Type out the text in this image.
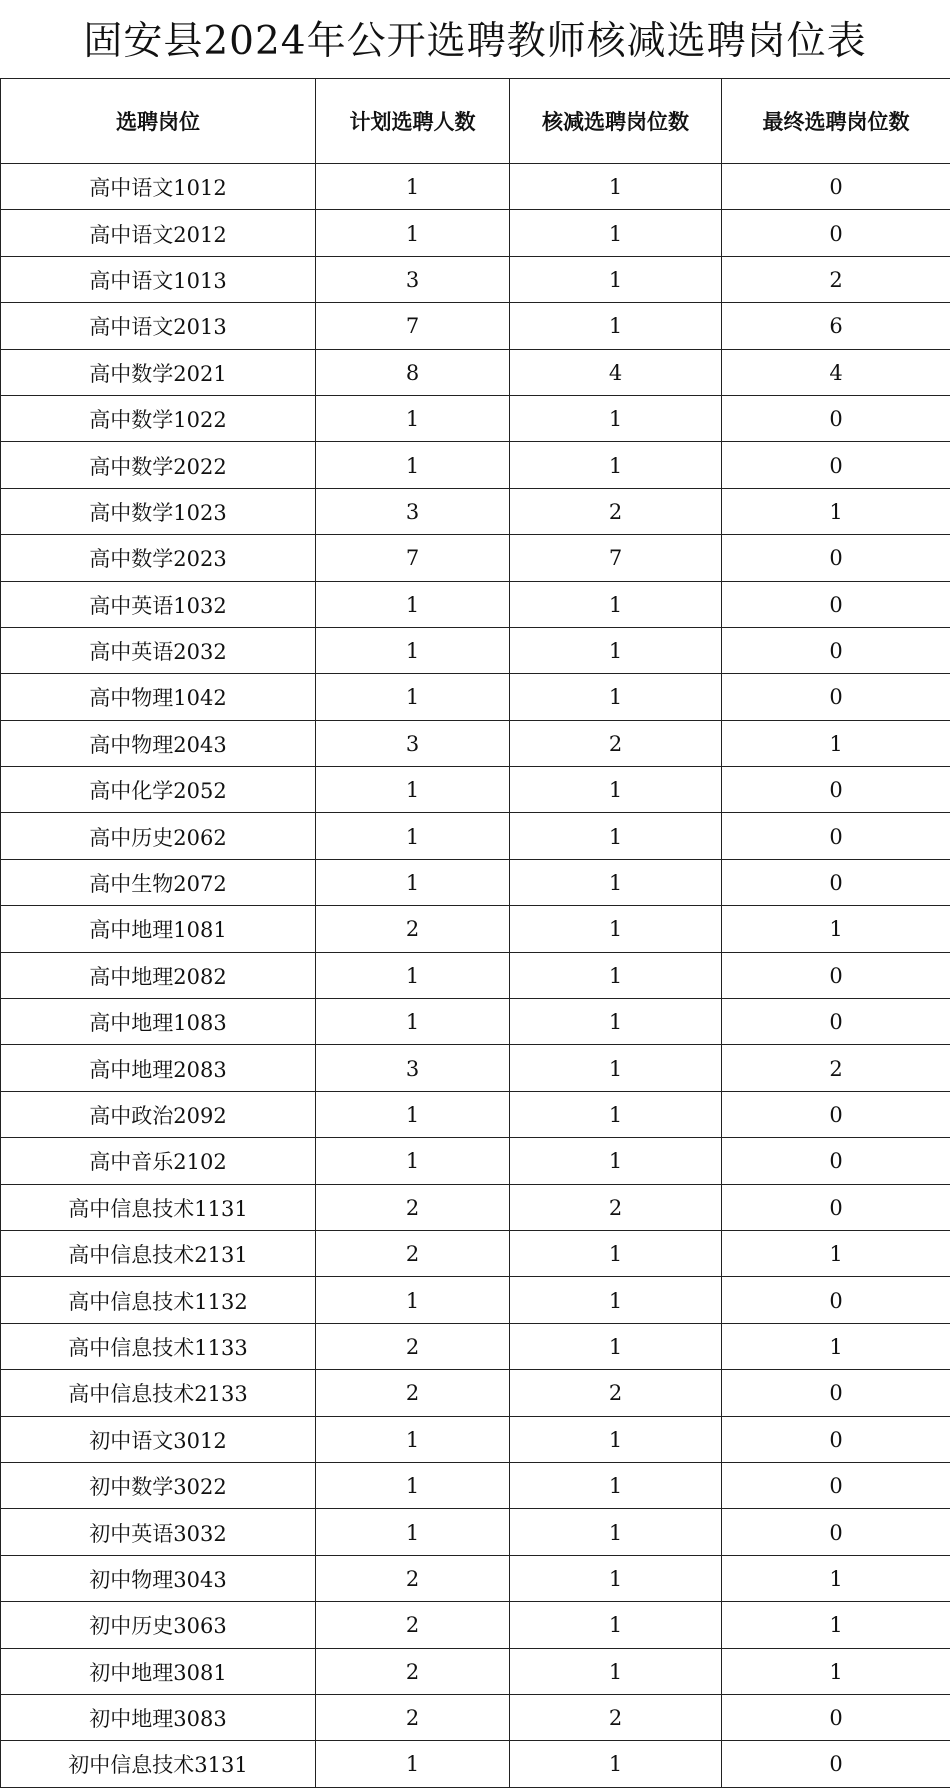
固安县2024年公开选聘教师核减选聘岗位表
选聘岗位	计划选聘人数	核减选聘岗位数	最终选聘岗位数
高中语文1012	1	1	0
高中语文2012	1	1	0
高中语文1013	3	1	2
高中语文2013	7	1	6
高中数学2021	8	4	4
高中数学1022	1	1	0
高中数学2022	1	1	0
高中数学1023	3	2	1
高中数学2023	7	7	0
高中英语1032	1	1	0
高中英语2032	1	1	0
高中物理1042	1	1	0
高中物理2043	3	2	1
高中化学2052	1	1	0
高中历史2062	1	1	0
高中生物2072	1	1	0
高中地理1081	2	1	1
高中地理2082	1	1	0
高中地理1083	1	1	0
高中地理2083	3	1	2
高中政治2092	1	1	0
高中音乐2102	1	1	0
高中信息技术1131	2	2	0
高中信息技术2131	2	1	1
高中信息技术1132	1	1	0
高中信息技术1133	2	1	1
高中信息技术2133	2	2	0
初中语文3012	1	1	0
初中数学3022	1	1	0
初中英语3032	1	1	0
初中物理3043	2	1	1
初中历史3063	2	1	1
初中地理3081	2	1	1
初中地理3083	2	2	0
初中信息技术3131	1	1	0
